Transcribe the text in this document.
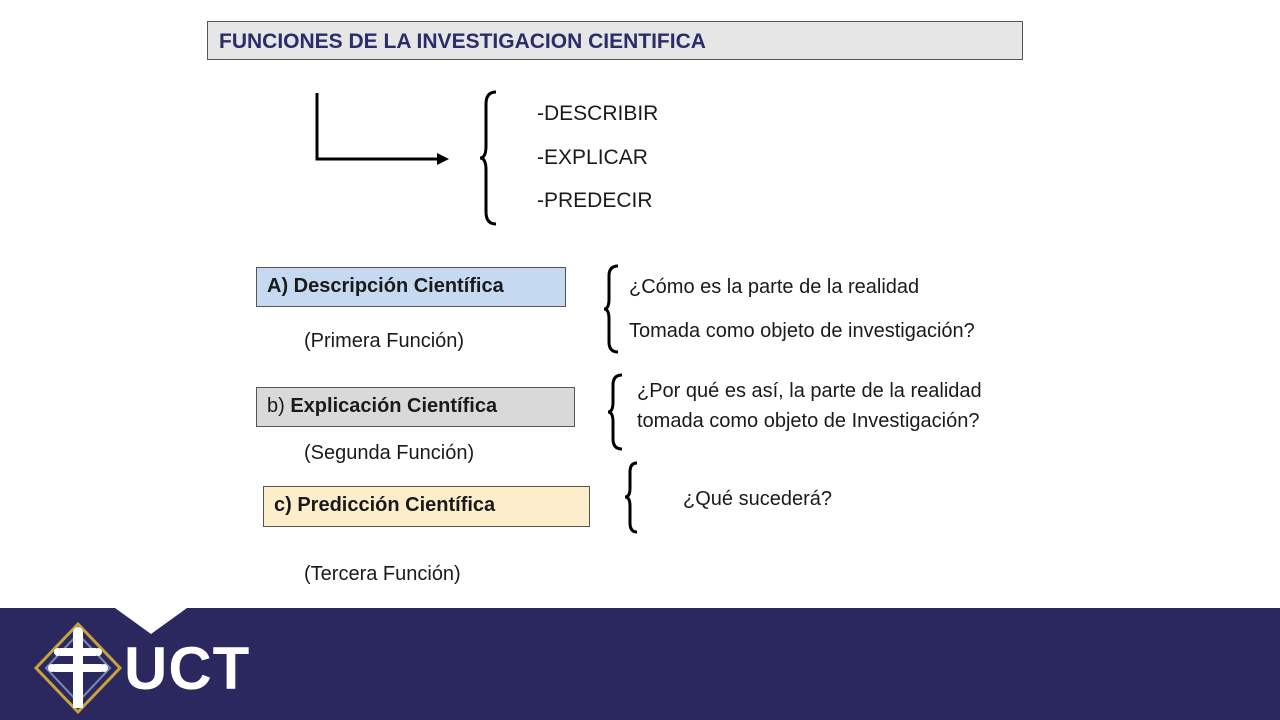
FUNCIONES DE LA INVESTIGACION CIENTIFICA
-DESCRIBIR
-EXPLICAR
-PREDECIR
A) Descripción Científica
(Primera Función)
¿Cómo es la parte de la realidad
Tomada como objeto de investigación?
b) Explicación Científica
(Segunda Función)
¿Por qué es así, la parte de la realidad
tomada como objeto de Investigación?
c) Predicción Científica
(Tercera Función)
¿Qué sucederá?
UCT
